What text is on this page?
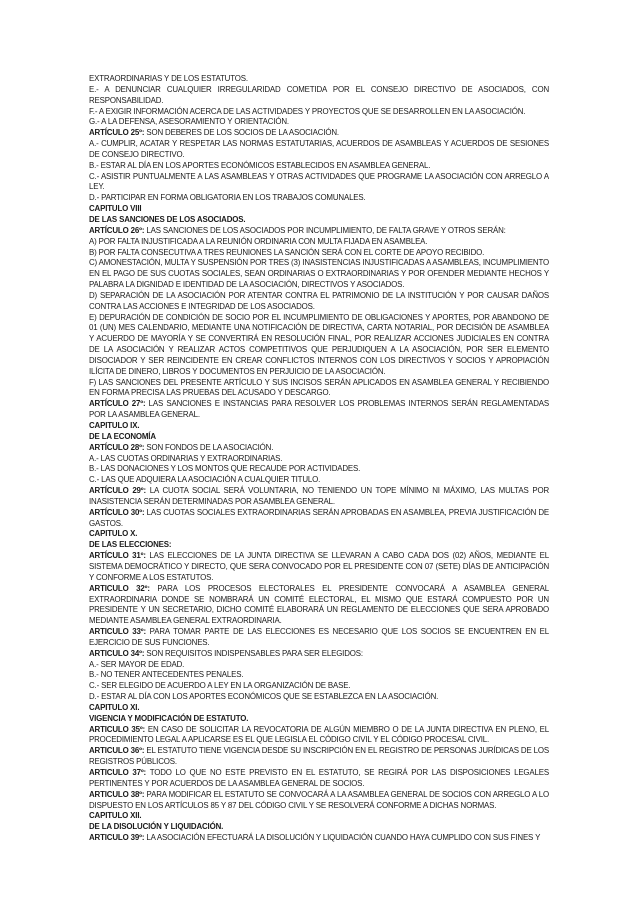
EXTRAORDINARIAS Y DE LOS ESTATUTOS.

E.- A DENUNCIAR CUALQUIER IRREGULARIDAD COMETIDA POR EL CONSEJO DIRECTIVO DE ASOCIADOS, CON RESPONSABILIDAD.

F.- A EXIGIR INFORMACIÓN ACERCA DE LAS ACTIVIDADES Y PROYECTOS QUE SE DESARROLLEN EN LA ASOCIACIÓN.

G.- A LA DEFENSA, ASESORAMIENTO Y ORIENTACIÓN.

ARTÍCULO 25º: SON DEBERES DE LOS SOCIOS DE LA ASOCIACIÓN.

A.- CUMPLIR, ACATAR Y RESPETAR LAS NORMAS ESTATUTARIAS, ACUERDOS DE ASAMBLEAS Y ACUERDOS DE SESIONES DE CONSEJO DIRECTIVO.

B.- ESTAR AL DÍA EN LOS APORTES ECONÓMICOS ESTABLECIDOS EN ASAMBLEA GENERAL.

C.- ASISTIR PUNTUALMENTE A LAS ASAMBLEAS Y OTRAS ACTIVIDADES QUE PROGRAME LA ASOCIACIÓN CON ARREGLO A LEY.

D.- PARTICIPAR EN FORMA OBLIGATORIA EN LOS TRABAJOS COMUNALES.

CAPITULO VIII

DE LAS SANCIONES DE LOS ASOCIADOS.

ARTÍCULO 26º: LAS SANCIONES DE LOS ASOCIADOS POR INCUMPLIMIENTO, DE FALTA GRAVE Y OTROS SERÁN:

A) POR FALTA INJUSTIFICADA A LA REUNIÓN ORDINARIA CON MULTA FIJADA EN ASAMBLEA.

B) POR FALTA CONSECUTIVA A TRES REUNIONES LA SANCIÓN SERÁ CON EL CORTE DE APOYO RECIBIDO.

C) AMONESTACIÓN, MULTA Y SUSPENSIÓN POR TRES (3) INASISTENCIAS INJUSTIFICADAS A ASAMBLEAS, INCUMPLIMIENTO EN EL PAGO DE SUS CUOTAS SOCIALES, SEAN ORDINARIAS O EXTRAORDINARIAS Y POR OFENDER MEDIANTE HECHOS Y PALABRA LA DIGNIDAD E IDENTIDAD DE LA ASOCIACIÓN, DIRECTIVOS Y ASOCIADOS.

D) SEPARACIÓN DE LA ASOCIACIÓN POR ATENTAR CONTRA EL PATRIMONIO DE LA INSTITUCIÓN Y POR CAUSAR DAÑOS CONTRA LAS ACCIONES E INTEGRIDAD DE LOS ASOCIADOS.

E) DEPURACIÓN DE CONDICIÓN DE SOCIO POR EL INCUMPLIMIENTO DE OBLIGACIONES Y APORTES, POR ABANDONO DE 01 (UN) MES CALENDARIO, MEDIANTE UNA NOTIFICACIÓN DE DIRECTIVA, CARTA NOTARIAL, POR DECISIÓN DE ASAMBLEA Y ACUERDO DE MAYORÍA Y SE CONVERTIRÁ EN RESOLUCIÓN FINAL, POR REALIZAR ACCIONES JUDICIALES EN CONTRA DE LA ASOCIACIÓN Y REALIZAR ACTOS COMPETITIVOS QUE PERJUDIQUEN A LA ASOCIACIÓN, POR SER ELEMENTO DISOCIADOR Y SER REINCIDENTE EN CREAR CONFLICTOS INTERNOS CON LOS DIRECTIVOS Y SOCIOS Y APROPIACIÓN ILÍCITA DE DINERO, LIBROS Y DOCUMENTOS EN PERJUICIO DE LA ASOCIACIÓN.

F) LAS SANCIONES DEL PRESENTE ARTÍCULO Y SUS INCISOS SERÁN APLICADOS EN ASAMBLEA GENERAL Y RECIBIENDO EN FORMA PRECISA LAS PRUEBAS DEL ACUSADO Y DESCARGO.

ARTÍCULO 27º: LAS SANCIONES E INSTANCIAS PARA RESOLVER LOS PROBLEMAS INTERNOS SERÁN REGLAMENTADAS POR LA ASAMBLEA GENERAL.

CAPITULO IX.

DE LA ECONOMÍA

ARTÍCULO 28º: SON FONDOS DE LA ASOCIACIÓN.

A.- LAS CUOTAS ORDINARIAS Y EXTRAORDINARIAS.

B.- LAS DONACIONES Y LOS MONTOS QUE RECAUDE POR ACTIVIDADES.

C.- LAS QUE ADQUIERA LA ASOCIACIÓN A CUALQUIER TITULO.

ARTÍCULO 29º: LA CUOTA SOCIAL SERÁ VOLUNTARIA, NO TENIENDO UN TOPE MÍNIMO NI MÁXIMO, LAS MULTAS POR INASISTENCIA SERÁN DETERMINADAS POR ASAMBLEA GENERAL.

ARTÍCULO 30º: LAS CUOTAS SOCIALES EXTRAORDINARIAS SERÁN APROBADAS EN ASAMBLEA, PREVIA JUSTIFICACIÓN DE GASTOS.

CAPITULO X.

DE LAS ELECCIONES:

ARTÍCULO 31º: LAS ELECCIONES DE LA JUNTA DIRECTIVA SE LLEVARAN A CABO CADA DOS (02) AÑOS, MEDIANTE EL SISTEMA DEMOCRÁTICO Y DIRECTO, QUE SERA CONVOCADO POR EL PRESIDENTE CON 07 (SETE) DÍAS DE ANTICIPACIÓN Y CONFORME A LOS ESTATUTOS.

ARTICULO 32º: PARA LOS PROCESOS ELECTORALES EL PRESIDENTE CONVOCARÁ A ASAMBLEA GENERAL EXTRAORDINARIA DONDE SE NOMBRARÁ UN COMITÉ ELECTORAL, EL MISMO QUE ESTARÁ COMPUESTO POR UN PRESIDENTE Y UN SECRETARIO, DICHO COMITÉ ELABORARÁ UN REGLAMENTO DE ELECCIONES QUE SERA APROBADO MEDIANTE ASAMBLEA GENERAL EXTRAORDINARIA.

ARTICULO 33º: PARA TOMAR PARTE DE LAS ELECCIONES ES NECESARIO QUE LOS SOCIOS SE ENCUENTREN EN EL EJERCICIO DE SUS FUNCIONES.

ARTICULO 34º: SON REQUISITOS INDISPENSABLES PARA SER ELEGIDOS:

A.- SER MAYOR DE EDAD.

B.- NO TENER ANTECEDENTES PENALES.

C.- SER ELEGIDO DE ACUERDO A LEY EN LA ORGANIZACIÓN DE BASE.

D.- ESTAR AL DÍA CON LOS APORTES ECONÓMICOS QUE SE ESTABLEZCA EN LA ASOCIACIÓN.

CAPITULO XI.

VIGENCIA Y MODIFICACIÓN DE ESTATUTO.

ARTICULO 35º: EN CASO DE SOLICITAR LA REVOCATORIA DE ALGÚN MIEMBRO O DE LA JUNTA DIRECTIVA EN PLENO, EL PROCEDIMIENTO LEGAL A APLICARSE ES EL QUE LEGISLA EL CÓDIGO CIVIL Y EL CÓDIGO PROCESAL CIVIL.

ARTICULO 36º: EL ESTATUTO TIENE VIGENCIA DESDE SU INSCRIPCIÓN EN EL REGISTRO DE PERSONAS JURÍDICAS DE LOS REGISTROS PÚBLICOS.

ARTICULO 37º: TODO LO QUE NO ESTE PREVISTO EN EL ESTATUTO, SE REGIRÁ POR LAS DISPOSICIONES LEGALES PERTINENTES Y POR ACUERDOS DE LA ASAMBLEA GENERAL DE SOCIOS.

ARTICULO 38º: PARA MODIFICAR EL ESTATUTO SE CONVOCARÁ A LA ASAMBLEA GENERAL DE SOCIOS CON ARREGLO A LO DISPUESTO EN LOS ARTÍCULOS 85 Y 87 DEL CÓDIGO CIVIL Y SE RESOLVERÁ CONFORME A DICHAS NORMAS.

CAPITULO XII.

DE LA DISOLUCIÓN Y LIQUIDACIÓN.

ARTICULO 39º: LA ASOCIACIÓN EFECTUARÁ LA DISOLUCIÓN Y LIQUIDACIÓN CUANDO HAYA CUMPLIDO CON SUS FINES Y
